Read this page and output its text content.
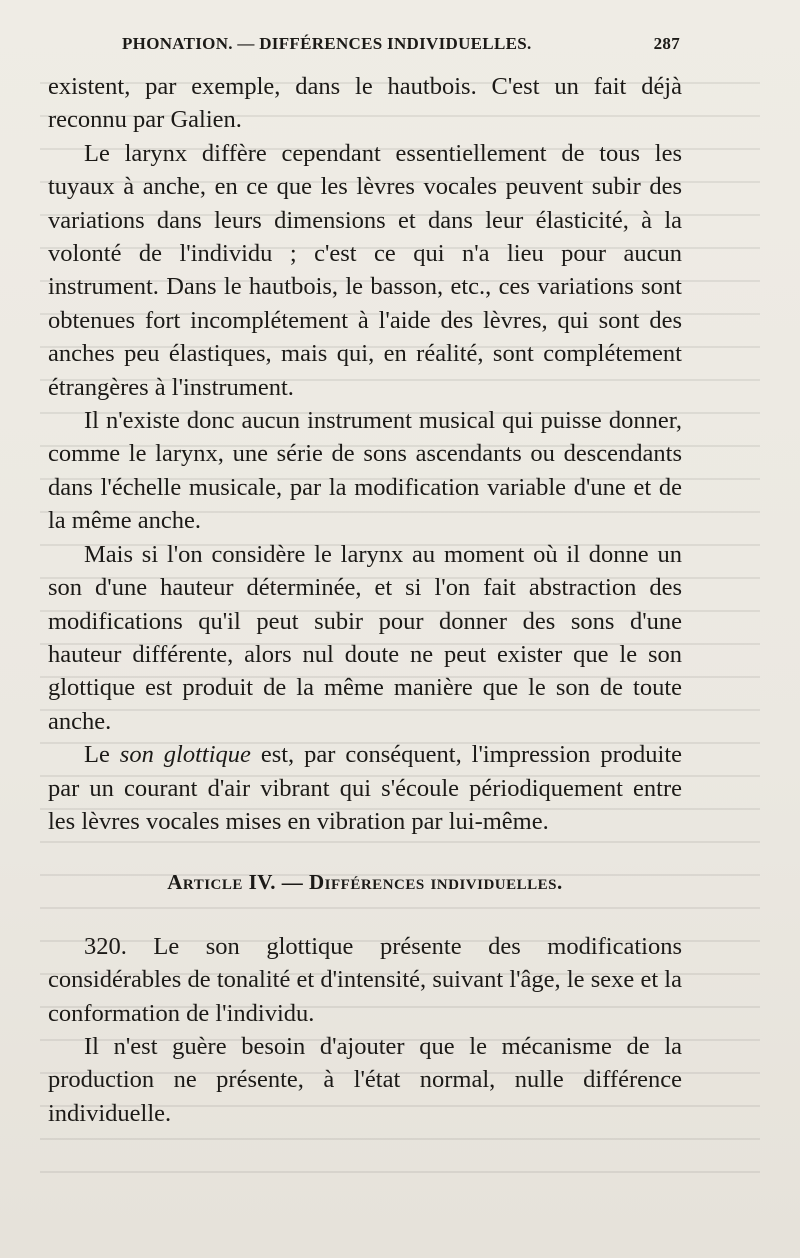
PHONATION. — DIFFÉRENCES INDIVIDUELLES.	287

existent, par exemple, dans le hautbois. C'est un fait déjà reconnu par Galien.

Le larynx diffère cependant essentiellement de tous les tuyaux à anche, en ce que les lèvres vocales peuvent subir des variations dans leurs dimensions et dans leur élasticité, à la volonté de l'individu ; c'est ce qui n'a lieu pour aucun instrument. Dans le hautbois, le basson, etc., ces variations sont obtenues fort incomplétement à l'aide des lèvres, qui sont des anches peu élastiques, mais qui, en réalité, sont complétement étrangères à l'instrument.

Il n'existe donc aucun instrument musical qui puisse donner, comme le larynx, une série de sons ascendants ou descendants dans l'échelle musicale, par la modification variable d'une et de la même anche.

Mais si l'on considère le larynx au moment où il donne un son d'une hauteur déterminée, et si l'on fait abstraction des modifications qu'il peut subir pour donner des sons d'une hauteur différente, alors nul doute ne peut exister que le son glottique est produit de la même manière que le son de toute anche.

Le son glottique est, par conséquent, l'impression produite par un courant d'air vibrant qui s'écoule périodiquement entre les lèvres vocales mises en vibration par lui-même.

Article IV. — Différences individuelles.

320. Le son glottique présente des modifications considérables de tonalité et d'intensité, suivant l'âge, le sexe et la conformation de l'individu.

Il n'est guère besoin d'ajouter que le mécanisme de la production ne présente, à l'état normal, nulle différence individuelle.
